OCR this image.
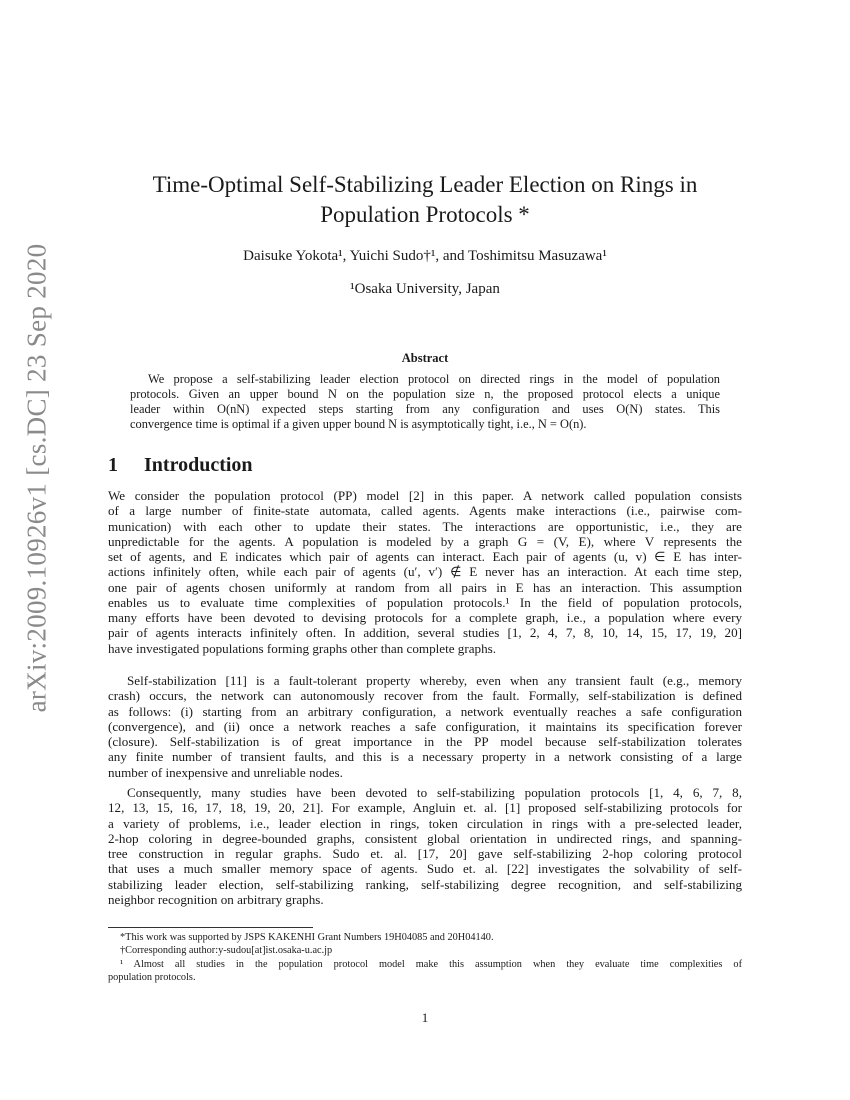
arXiv:2009.10926v1 [cs.DC] 23 Sep 2020
Time-Optimal Self-Stabilizing Leader Election on Rings in
Population Protocols *
Daisuke Yokota¹, Yuichi Sudo†¹, and Toshimitsu Masuzawa¹
¹Osaka University, Japan
Abstract
We propose a self-stabilizing leader election protocol on directed rings in the model of population
protocols. Given an upper bound N on the population size n, the proposed protocol elects a unique
leader within O(nN) expected steps starting from any configuration and uses O(N) states. This
convergence time is optimal if a given upper bound N is asymptotically tight, i.e., N = O(n).
1 Introduction
We consider the population protocol (PP) model [2] in this paper. A network called population consists
of a large number of finite-state automata, called agents. Agents make interactions (i.e., pairwise com-
munication) with each other to update their states. The interactions are opportunistic, i.e., they are
unpredictable for the agents. A population is modeled by a graph G = (V, E), where V represents the
set of agents, and E indicates which pair of agents can interact. Each pair of agents (u, v) ∈ E has inter-
actions infinitely often, while each pair of agents (u′, v′) ∉ E never has an interaction. At each time step,
one pair of agents chosen uniformly at random from all pairs in E has an interaction. This assumption
enables us to evaluate time complexities of population protocols.¹ In the field of population protocols,
many efforts have been devoted to devising protocols for a complete graph, i.e., a population where every
pair of agents interacts infinitely often. In addition, several studies [1, 2, 4, 7, 8, 10, 14, 15, 17, 19, 20]
have investigated populations forming graphs other than complete graphs.
Self-stabilization [11] is a fault-tolerant property whereby, even when any transient fault (e.g., memory
crash) occurs, the network can autonomously recover from the fault. Formally, self-stabilization is defined
as follows: (i) starting from an arbitrary configuration, a network eventually reaches a safe configuration
(convergence), and (ii) once a network reaches a safe configuration, it maintains its specification forever
(closure). Self-stabilization is of great importance in the PP model because self-stabilization tolerates
any finite number of transient faults, and this is a necessary property in a network consisting of a large
number of inexpensive and unreliable nodes.
Consequently, many studies have been devoted to self-stabilizing population protocols [1, 4, 6, 7, 8,
12, 13, 15, 16, 17, 18, 19, 20, 21]. For example, Angluin et. al. [1] proposed self-stabilizing protocols for
a variety of problems, i.e., leader election in rings, token circulation in rings with a pre-selected leader,
2-hop coloring in degree-bounded graphs, consistent global orientation in undirected rings, and spanning-
tree construction in regular graphs. Sudo et. al. [17, 20] gave self-stabilizing 2-hop coloring protocol
that uses a much smaller memory space of agents. Sudo et. al. [22] investigates the solvability of self-
stabilizing leader election, self-stabilizing ranking, self-stabilizing degree recognition, and self-stabilizing
neighbor recognition on arbitrary graphs.
*This work was supported by JSPS KAKENHI Grant Numbers 19H04085 and 20H04140.
†Corresponding author:y-sudou[at]ist.osaka-u.ac.jp
¹ Almost all studies in the population protocol model make this assumption when they evaluate time complexities of
population protocols.
1
